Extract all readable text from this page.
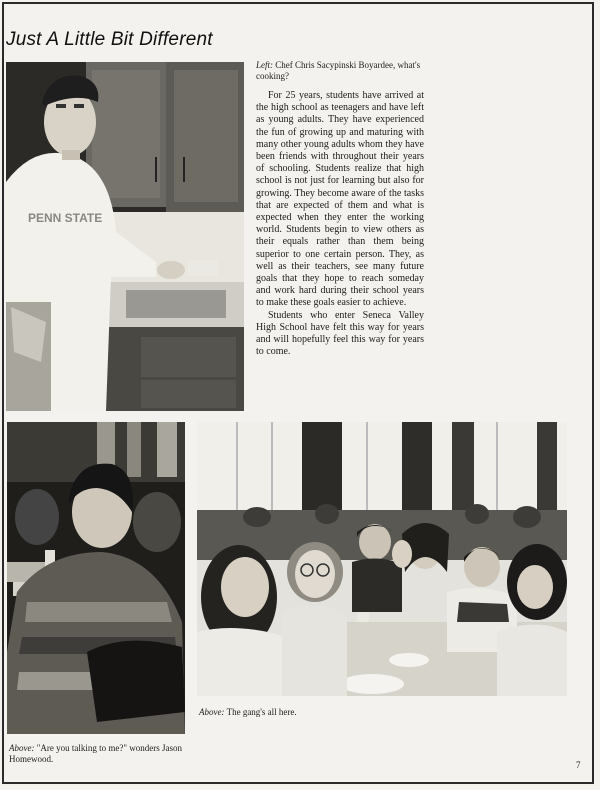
Just A Little Bit Different
PENN STATE
Left: Chef Chris Sacypinski Boyardee, what's cooking?

For 25 years, students have arrived at the high school as teenagers and have left as young adults. They have experienced the fun of growing up and maturing with many other young adults whom they have been friends with throughout their years of schooling. Students realize that high school is not just for learning but also for growing. They become aware of the tasks that are expected of them and what is expected when they enter the working world. Students begin to view others as their equals rather than them being superior to one certain person. They, as well as their teachers, see many future goals that they hope to reach someday and work hard during their school years to make these goals easier to achieve.

Students who enter Seneca Valley High School have felt this way for years and will hopefully feel this way for years to come.

Above: "Are you talking to me?" wonders Jason Homewood.
Above: The gang's all here.
7
